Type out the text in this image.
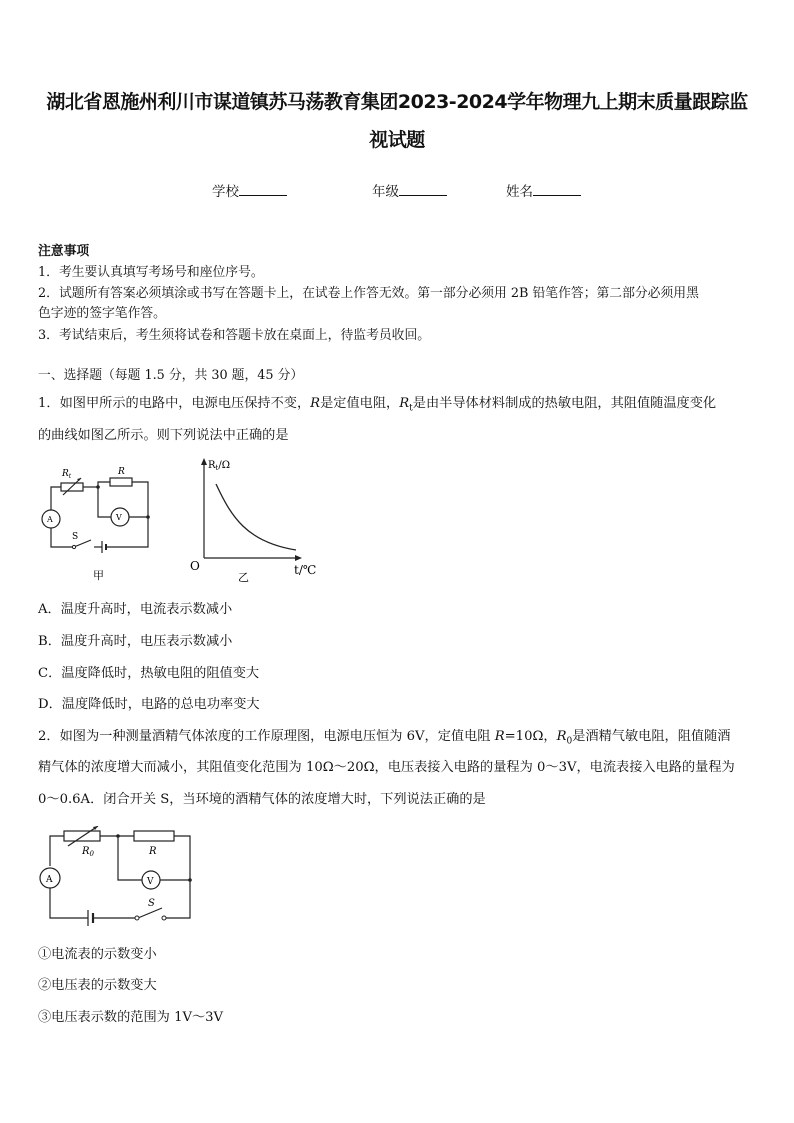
湖北省恩施州利川市谋道镇苏马荡教育集团2023-2024学年物理九上期末质量跟踪监
视试题
学校	年级	姓名
注意事项
1．考生要认真填写考场号和座位序号。
2．试题所有答案必须填涂或书写在答题卡上，在试卷上作答无效。第一部分必须用 2B 铅笔作答；第二部分必须用黑
色字迹的签字笔作答。
3．考试结束后，考生须将试卷和答题卡放在桌面上，待监考员收回。
一、选择题（每题 1.5 分，共 30 题，45 分）
1．如图甲所示的电路中，电源电压保持不变，R是定值电阻，$R_t$是由半导体材料制成的热敏电阻，其阻值随温度变化
的曲线如图乙所示。则下列说法中正确的是
$R_t$	R
A	V
S
甲
$R_t/\Omega$
O	t/℃
乙
A．温度升高时，电流表示数减小
B．温度升高时，电压表示数减小
C．温度降低时，热敏电阻的阻值变大
D．温度降低时，电路的总电功率变大
2．如图为一种测量酒精气体浓度的工作原理图，电源电压恒为 6V，定值电阻 R=10Ω，$R_0$是酒精气敏电阻，阻值随酒
精气体的浓度增大而减小，其阻值变化范围为 10Ω～20Ω，电压表接入电路的量程为 0～3V，电流表接入电路的量程为
0～0.6A．闭合开关 S，当环境的酒精气体的浓度增大时，下列说法正确的是
$R_0$	R
A	V
S
①电流表的示数变小
②电压表的示数变大
③电压表示数的范围为 1V～3V
